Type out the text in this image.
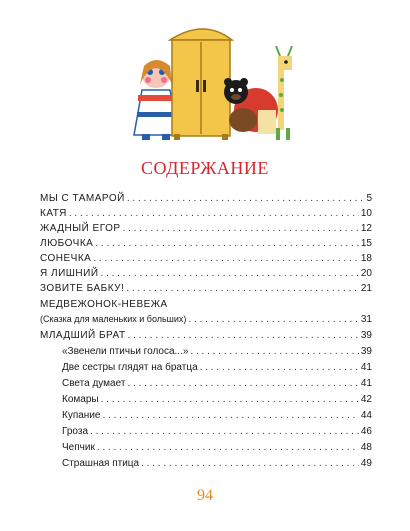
СОДЕРЖАНИЕ
МЫ С ТАМАРОЙ . . .	5
КАТЯ . . .	10
ЖАДНЫЙ ЕГОР . . .	12
ЛЮБОЧКА . . .	15
СОНЕЧКА . . .	18
Я ЛИШНИЙ . . .	20
ЗОВИТЕ БАБКУ! . . .	21
МЕДВЕЖОНОК-НЕВЕЖА
(Сказка для маленьких и больших) . . .	31
МЛАДШИЙ БРАТ . . .	39
«Звенели птичьи голоса...» . . .	39
Две сестры глядят на братца . . .	41
Света думает . . .	41
Комары . . .	42
Купание . . .	44
Гроза . . .	46
Чепчик . . .	48
Страшная птица . . .	49
94
